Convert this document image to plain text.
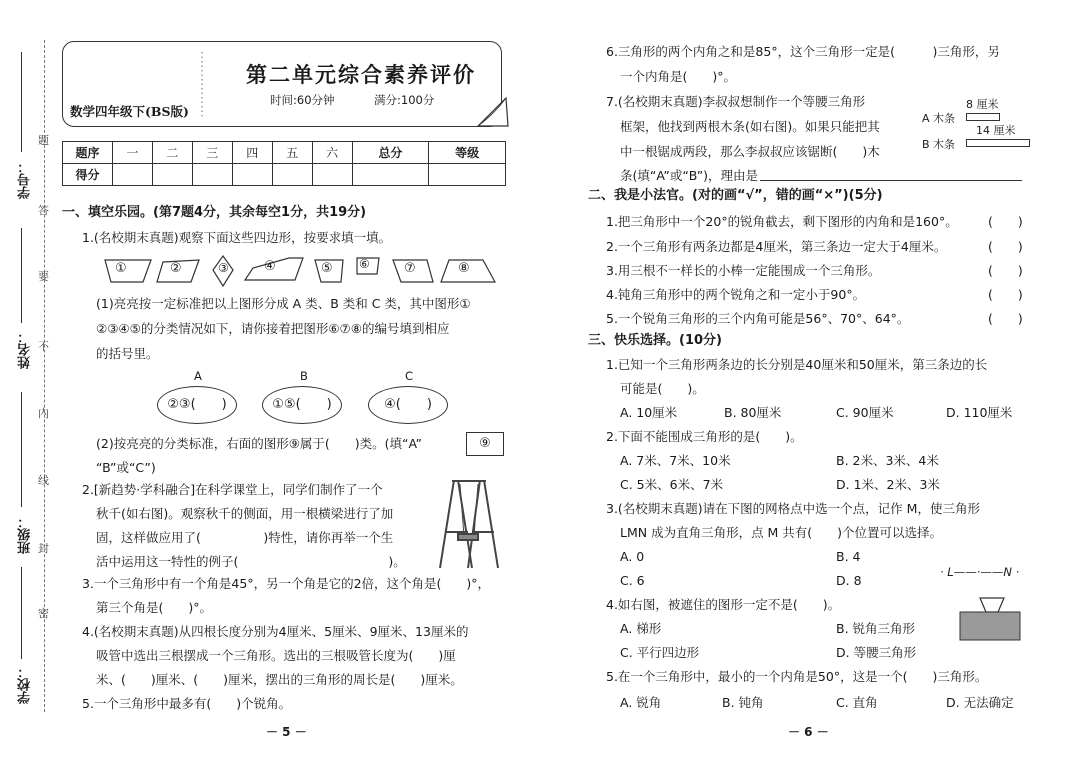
学号：
姓名：
班级：
学校：
题
答
要
不
内
线
封
密
第二单元综合素养评价
数学四年级下(BS版)
时间:60分钟	满分:100分
题序	一	二	三	四	五	六	总分	等级
得分								
一、填空乐园。(第7题4分，其余每空1分，共19分)
1.(名校期末真题)观察下面这些四边形，按要求填一填。
①	②	③	④	⑤ ⑥	⑦	⑧
(1)亮亮按一定标准把以上图形分成 A 类、B 类和 C 类，其中图形①
②③④⑤的分类情况如下，请你接着把图形⑥⑦⑧的编号填到相应
的括号里。
A	B	C
②③(　　)	①⑤(　　)	④(　　)
(2)按亮亮的分类标准，右面的图形⑨属于(　　)类。(填“A”
“B”或“C”)
⑨
2.[新趋势·学科融合]在科学课堂上，同学们制作了一个
秋千(如右图)。观察秋千的侧面，用一根横梁进行了加
固，这样做应用了(　　　　　)特性，请你再举一个生
活中运用这一特性的例子(　　　　　　　　　　　　)。
3.一个三角形中有一个角是45°，另一个角是它的2倍，这个角是(　　)°，
第三个角是(　　)°。
4.(名校期末真题)从四根长度分别为4厘米、5厘米、9厘米、13厘米的
吸管中选出三根摆成一个三角形。选出的三根吸管长度为(　　)厘
米、(　　)厘米、(　　)厘米，摆出的三角形的周长是(　　)厘米。
5.一个三角形中最多有(　　)个锐角。
－ 5 －
6.三角形的两个内角之和是85°，这个三角形一定是(　　　)三角形，另
一个内角是(　　)°。
7.(名校期末真题)李叔叔想制作一个等腰三角形
框架，他找到两根木条(如右图)。如果只能把其
中一根锯成两段，那么李叔叔应该锯断(　　)木
条(填“A”或“B”)，理由是
8 厘米
A 木条
14 厘米
B 木条
二、我是小法官。(对的画“√”，错的画“×”)(5分)
1.把三角形中一个20°的锐角截去，剩下图形的内角和是160°。
2.一个三角形有两条边都是4厘米，第三条边一定大于4厘米。
3.用三根不一样长的小棒一定能围成一个三角形。
4.钝角三角形中的两个锐角之和一定小于90°。
5.一个锐角三角形的三个内角可能是56°、70°、64°。
(　　)
(　　)
(　　)
(　　)
(　　)
三、快乐选择。(10分)
1.已知一个三角形两条边的长分别是40厘米和50厘米，第三条边的长
可能是(　　)。
A. 10厘米	B. 80厘米	C. 90厘米	D. 110厘米
2.下面不能围成三角形的是(　　)。
A. 7米、7米、10米	B. 2米、3米、4米
C. 5米、6米、7米	D. 1米、2米、3米
3.(名校期末真题)请在下图的网格点中选一个点，记作 M，使三角形
LMN 成为直角三角形，点 M 共有(　　)个位置可以选择。
A. 0	B. 4
C. 6	D. 8
· L——·——N ·
4.如右图，被遮住的图形一定不是(　　)。
A. 梯形	B. 锐角三角形
C. 平行四边形	D. 等腰三角形
5.在一个三角形中，最小的一个内角是50°，这是一个(　　)三角形。
A. 锐角	B. 钝角	C. 直角	D. 无法确定
－ 6 －
